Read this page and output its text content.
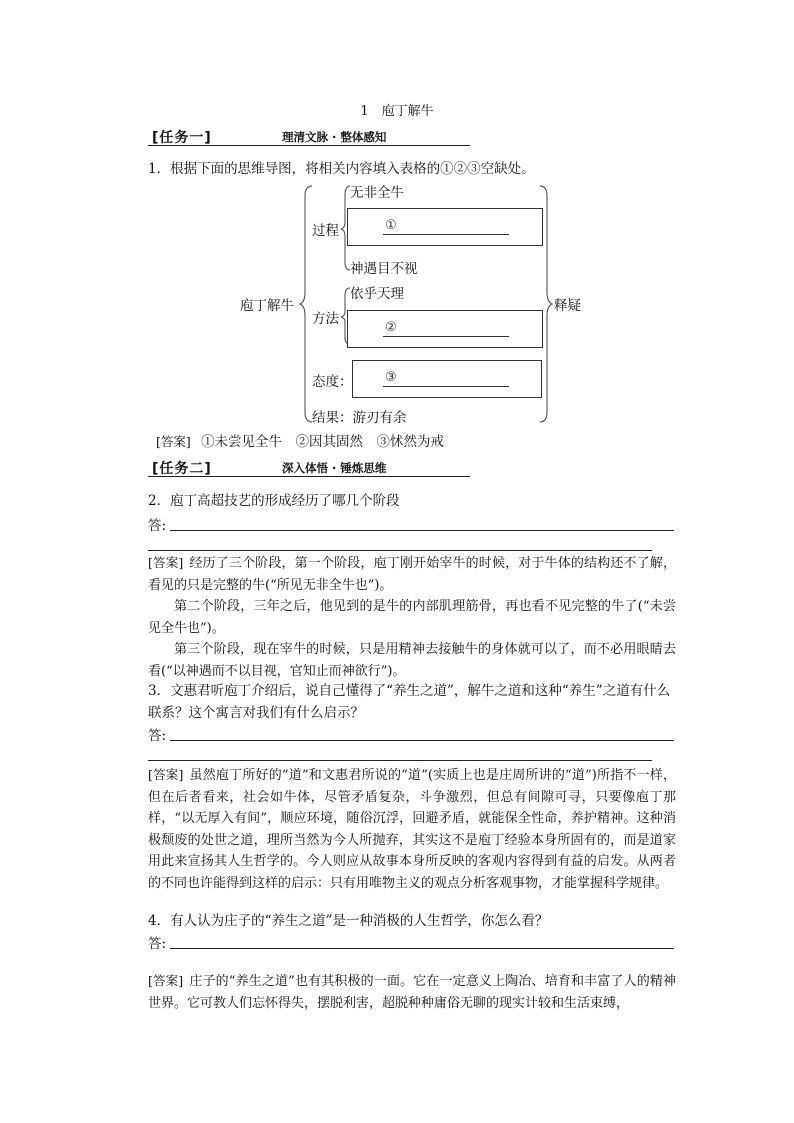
1　庖丁解牛
[任务一]	理清文脉 · 整体感知
1．根据下面的思维导图，将相关内容填入表格的①②③空缺处。
①
②
③
庖丁解牛	释疑
过程
无非全牛
神遇目不视
方法
依乎天理
态度：
结果：游刃有余
[答案] ①未尝见全牛　②因其固然　③怵然为戒
[任务二]	深入体悟 · 锤炼思维
2．庖丁高超技艺的形成经历了哪几个阶段
答:

[答案] 经历了三个阶段，第一个阶段，庖丁刚开始宰牛的时候，对于牛体的结构还不了解，看见的只是完整的牛(“所见无非全牛也”)。

第二个阶段，三年之后，他见到的是牛的内部肌理筋骨，再也看不见完整的牛了(“未尝见全牛也”)。

第三个阶段，现在宰牛的时候，只是用精神去接触牛的身体就可以了，而不必用眼睛去看(“以神遇而不以目视，官知止而神欲行”)。

3．文惠君听庖丁介绍后，说自己懂得了“养生之道”，解牛之道和这种“养生”之道有什么联系？这个寓言对我们有什么启示？
答:

[答案] 虽然庖丁所好的“道”和文惠君所说的“道”(实质上也是庄周所讲的“道”)所指不一样，但在后者看来，社会如牛体，尽管矛盾复杂，斗争激烈，但总有间隙可寻，只要像庖丁那样，“以无厚入有间”，顺应环境，随俗沉浮，回避矛盾，就能保全性命，养护精神。这种消极颓废的处世之道，理所当然为今人所抛弃，其实这不是庖丁经验本身所固有的，而是道家用此来宣扬其人生哲学的。今人则应从故事本身所反映的客观内容得到有益的启发。从两者的不同也许能得到这样的启示：只有用唯物主义的观点分析客观事物，才能掌握科学规律。

4．有人认为庄子的“养生之道”是一种消极的人生哲学，你怎么看？
答:

[答案] 庄子的“养生之道”也有其积极的一面。它在一定意义上陶冶、培育和丰富了人的精神世界。它可教人们忘怀得失，摆脱利害，超脱种种庸俗无聊的现实计较和生活束缚，
